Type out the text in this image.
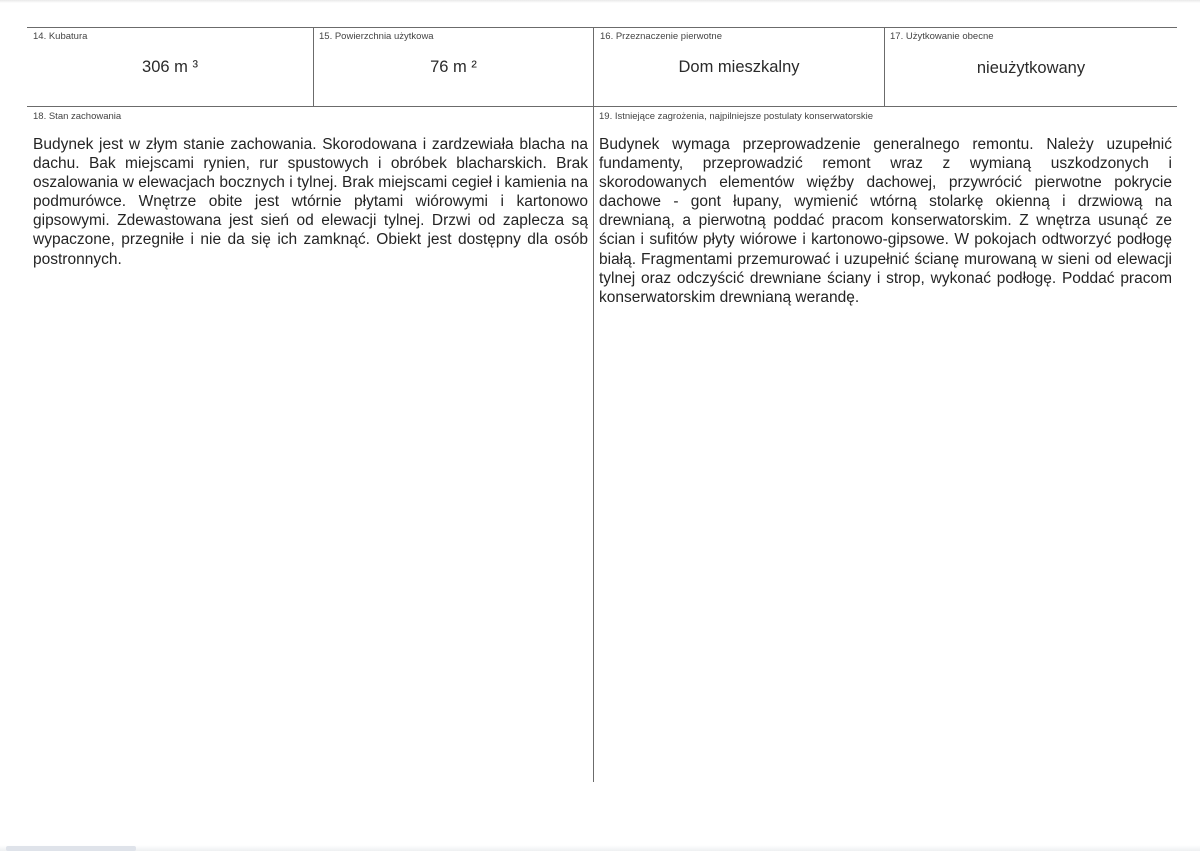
14. Kubatura
306 m ³
15. Powierzchnia użytkowa
76 m ²
16. Przeznaczenie pierwotne
Dom mieszkalny
17. Użytkowanie obecne
nieużytkowany
18. Stan zachowania
Budynek jest w złym stanie zachowania. Skorodowana i zardzewiała blacha na dachu. Bak miejscami rynien, rur spustowych i obróbek blacharskich. Brak oszalowania w elewacjach bocznych i tylnej. Brak miejscami cegieł i kamienia na podmurówce. Wnętrze obite jest wtórnie płytami wiórowymi i kartonowo gipsowymi. Zdewastowana jest sień od elewacji tylnej. Drzwi od zaplecza są wypaczone, przegniłe i nie da się ich zamknąć. Obiekt jest dostępny dla osób postronnych.
19. Istniejące zagrożenia, najpilniejsze postulaty konserwatorskie
Budynek wymaga przeprowadzenie generalnego remontu. Należy uzupełnić fundamenty, przeprowadzić remont wraz z wymianą uszkodzonych i skorodowanych elementów więźby dachowej, przywrócić pierwotne pokrycie dachowe - gont łupany, wymienić wtórną stolarkę okienną i drzwiową na drewnianą, a pierwotną poddać pracom konserwatorskim. Z wnętrza usunąć ze ścian i sufitów płyty wiórowe i kartonowo-gipsowe. W pokojach odtworzyć podłogę białą. Fragmentami przemurować i uzupełnić ścianę murowaną w sieni od elewacji tylnej oraz odczyścić drewniane ściany i strop, wykonać podłogę. Poddać pracom konserwatorskim drewnianą werandę.
